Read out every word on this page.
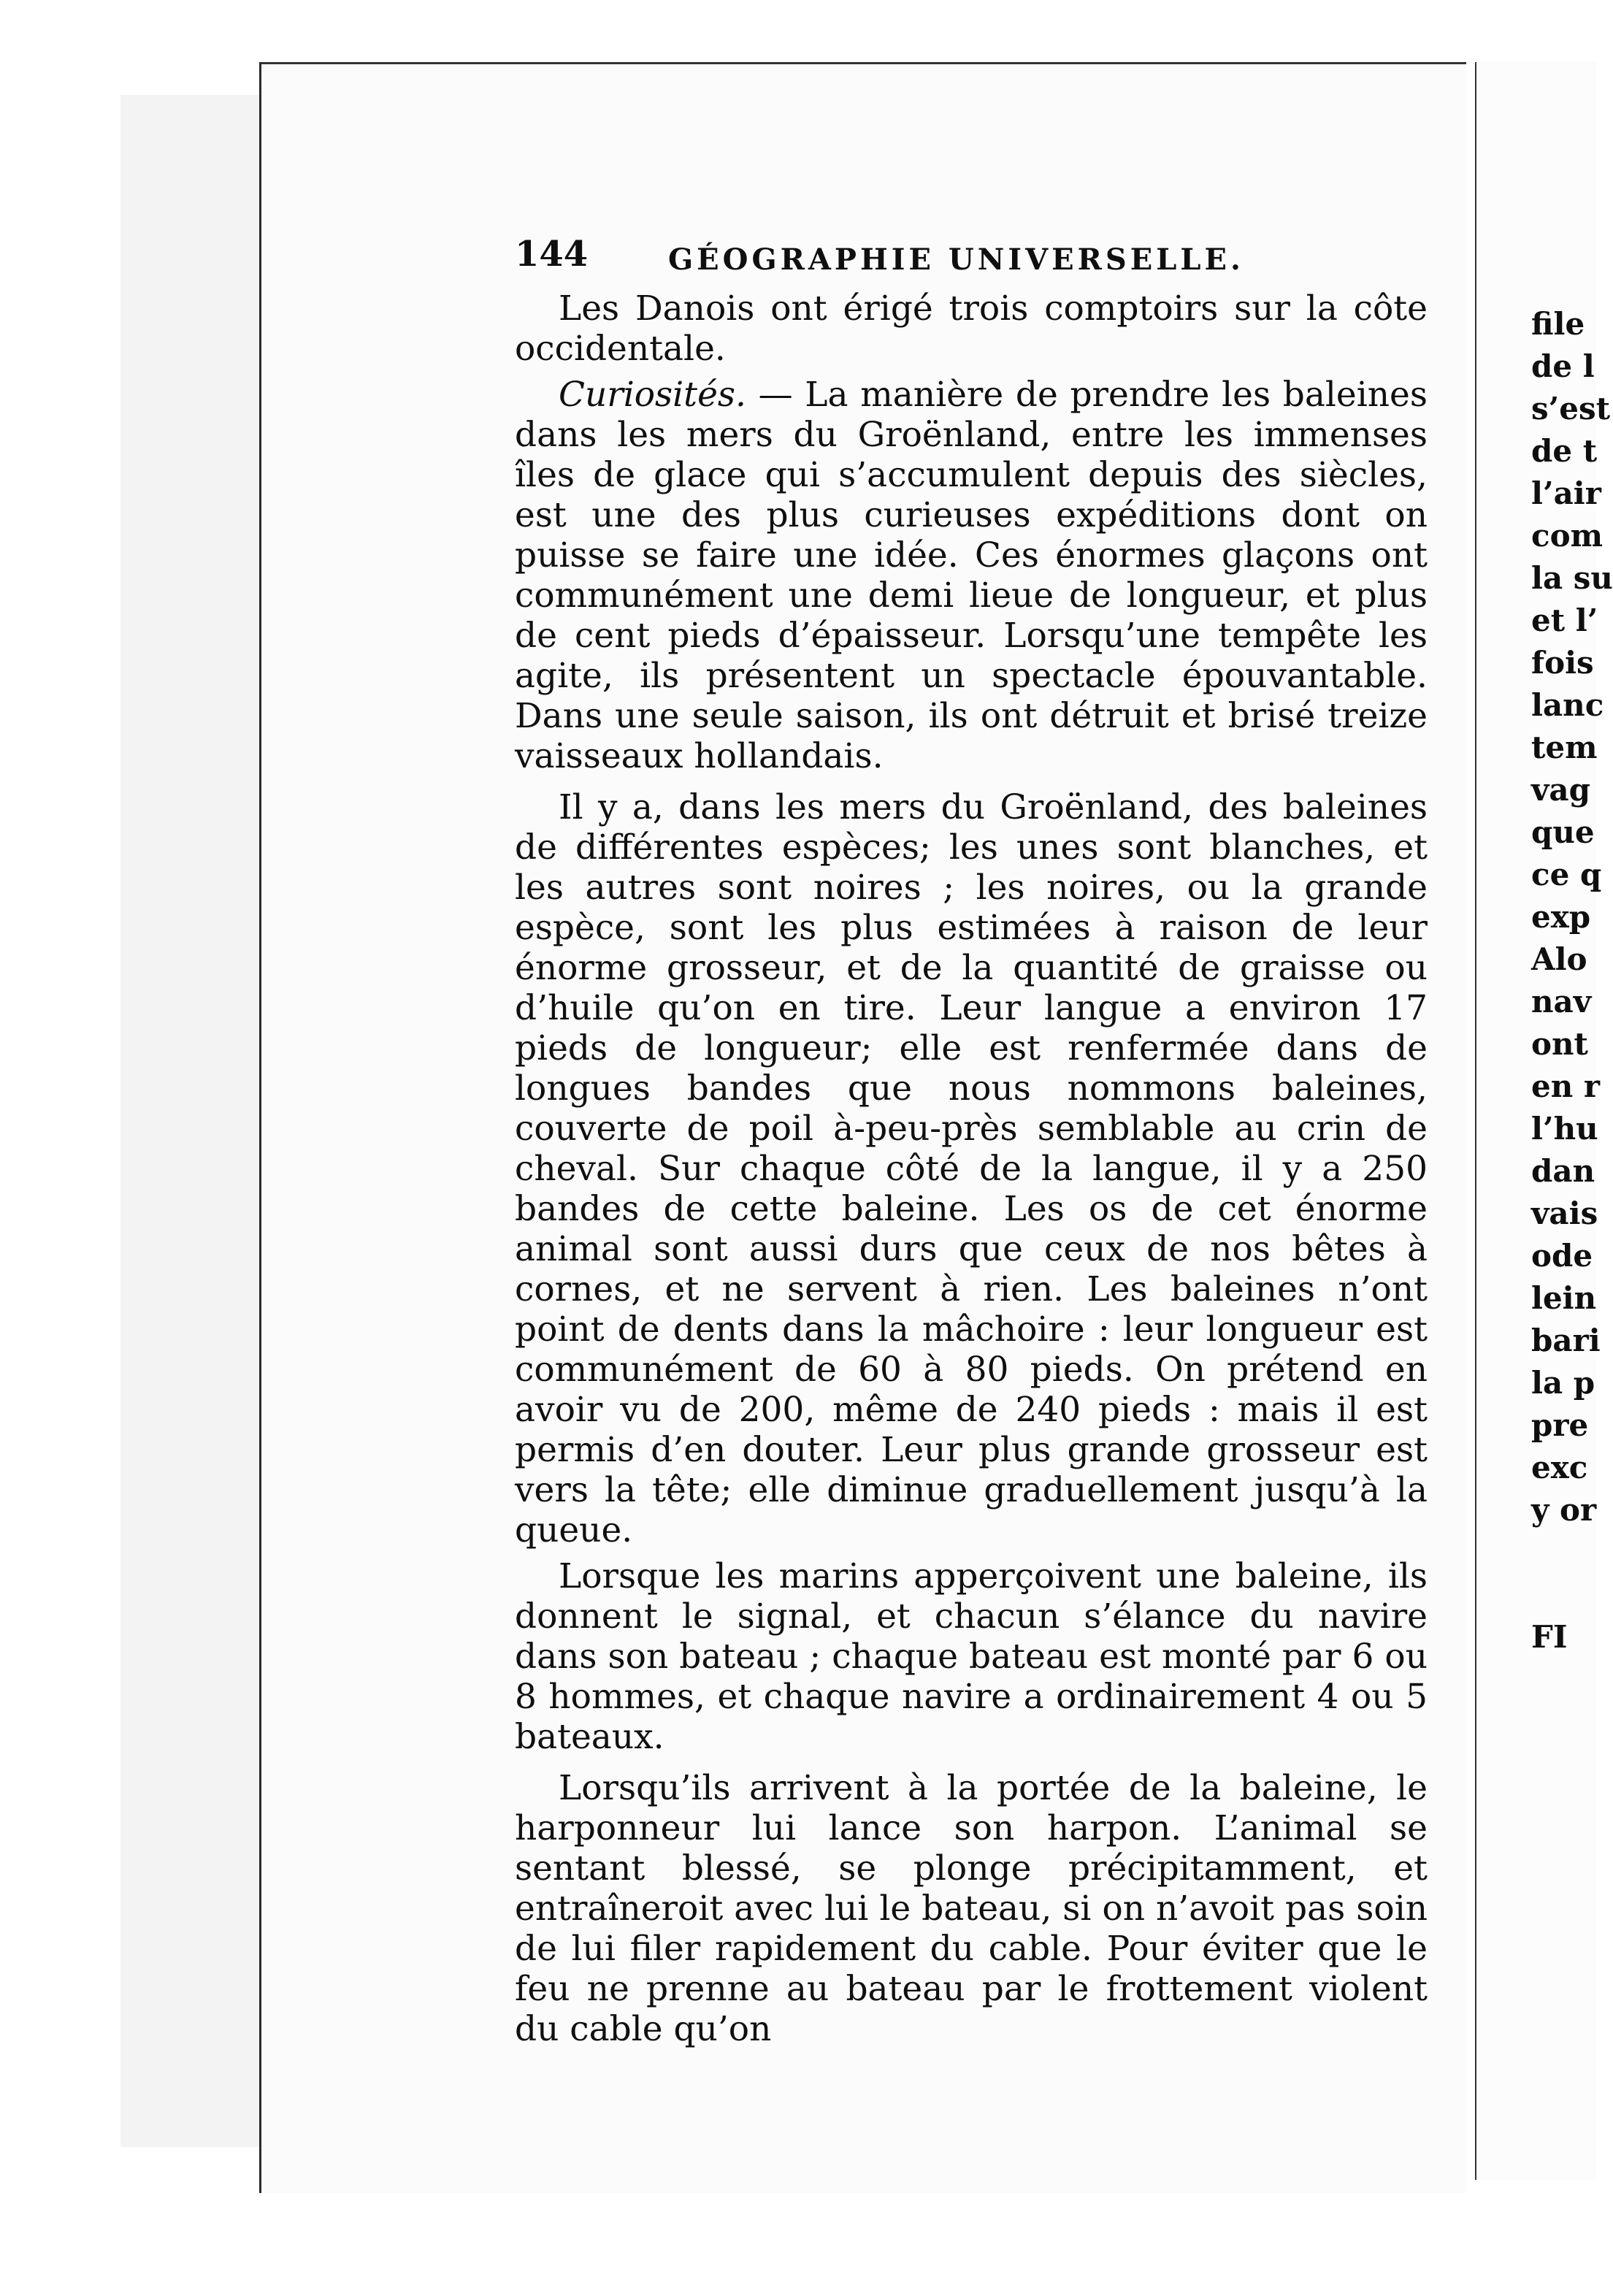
file
de l
s’est
de t
l’air
com
la su
et l’
fois
lanc
tem
vag
que
ce q
exp
Alo
nav
ont
en r
l’hu
dan
vais
ode
lein
bari
la p
pre
exc
y or
FI
144	GÉOGRAPHIE UNIVERSELLE.

Les Danois ont érigé trois comptoirs sur la côte occidentale.

Curiosités. — La manière de prendre les baleines dans les mers du Groënland, entre les immenses îles de glace qui s’accumulent depuis des siècles, est une des plus curieuses expéditions dont on puisse se faire une idée. Ces énormes glaçons ont communément une demi lieue de longueur, et plus de cent pieds d’épaisseur. Lorsqu’une tempête les agite, ils présentent un spectacle épouvantable. Dans une seule saison, ils ont détruit et brisé treize vaisseaux hollandais.

Il y a, dans les mers du Groënland, des baleines de différentes espèces; les unes sont blanches, et les autres sont noires ; les noires, ou la grande espèce, sont les plus estimées à raison de leur énorme grosseur, et de la quantité de graisse ou d’huile qu’on en tire. Leur langue a environ 17 pieds de longueur; elle est renfermée dans de longues bandes que nous nommons baleines, couverte de poil à-peu-près semblable au crin de cheval. Sur chaque côté de la langue, il y a 250 bandes de cette baleine. Les os de cet énorme animal sont aussi durs que ceux de nos bêtes à cornes, et ne servent à rien. Les baleines n’ont point de dents dans la mâchoire : leur longueur est communément de 60 à 80 pieds. On prétend en avoir vu de 200, même de 240 pieds : mais il est permis d’en douter. Leur plus grande grosseur est vers la tête; elle diminue graduellement jusqu’à la queue.

Lorsque les marins apperçoivent une baleine, ils donnent le signal, et chacun s’élance du navire dans son bateau ; chaque bateau est monté par 6 ou 8 hommes, et chaque navire a ordinairement 4 ou 5 bateaux.

Lorsqu’ils arrivent à la portée de la baleine, le harponneur lui lance son harpon. L’animal se sentant blessé, se plonge précipitamment, et entraîneroit avec lui le bateau, si on n’avoit pas soin de lui filer rapidement du cable. Pour éviter que le feu ne prenne au bateau par le frottement violent du cable qu’on
